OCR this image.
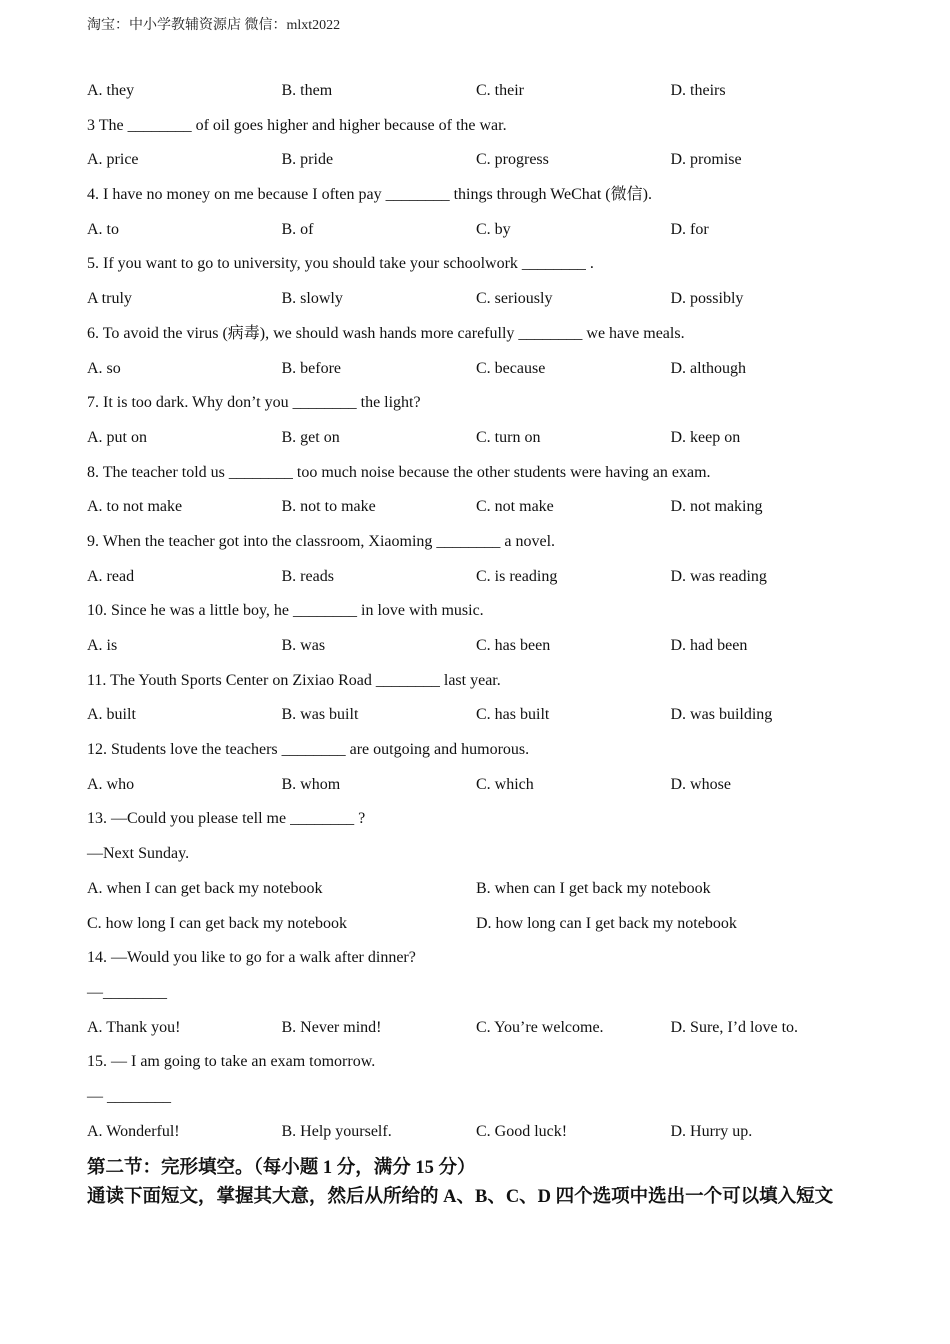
淘宝：中小学教辅资源店 微信：mlxt2022
A. they	B. them	C. their	D. theirs
3 The ________ of oil goes higher and higher because of the war.
A. price	B. pride	C. progress	D. promise
4. I have no money on me because I often pay ________ things through WeChat (微信).
A. to	B. of	C. by	D. for
5. If you want to go to university, you should take your schoolwork ________ .
A truly	B. slowly	C. seriously	D. possibly
6. To avoid the virus (病毒), we should wash hands more carefully ________ we have meals.
A. so	B. before	C. because	D. although
7. It is too dark. Why don’t you ________ the light?
A. put on	B. get on	C. turn on	D. keep on
8. The teacher told us ________ too much noise because the other students were having an exam.
A. to not make	B. not to make	C. not make	D. not making
9. When the teacher got into the classroom, Xiaoming ________ a novel.
A. read	B. reads	C. is reading	D. was reading
10. Since he was a little boy, he ________ in love with music.
A. is	B. was	C. has been	D. had been
11. The Youth Sports Center on Zixiao Road ________ last year.
A. built	B. was built	C. has built	D. was building
12. Students love the teachers ________ are outgoing and humorous.
A. who	B. whom	C. which	D. whose
13. —Could you please tell me ________ ?
—Next Sunday.
A. when I can get back my notebook	B. when can I get back my notebook
C. how long I can get back my notebook	D. how long can I get back my notebook
14. —Would you like to go for a walk after dinner?
—________
A. Thank you!	B. Never mind!	C. You’re welcome.	D. Sure, I’d love to.
15. — I am going to take an exam tomorrow.
— ________
A. Wonderful!	B. Help yourself.	C. Good luck!	D. Hurry up.
第二节：完形填空。（每小题 1 分，满分 15 分）
通读下面短文，掌握其大意，然后从所给的 A、B、C、D 四个选项中选出一个可以填入短文
